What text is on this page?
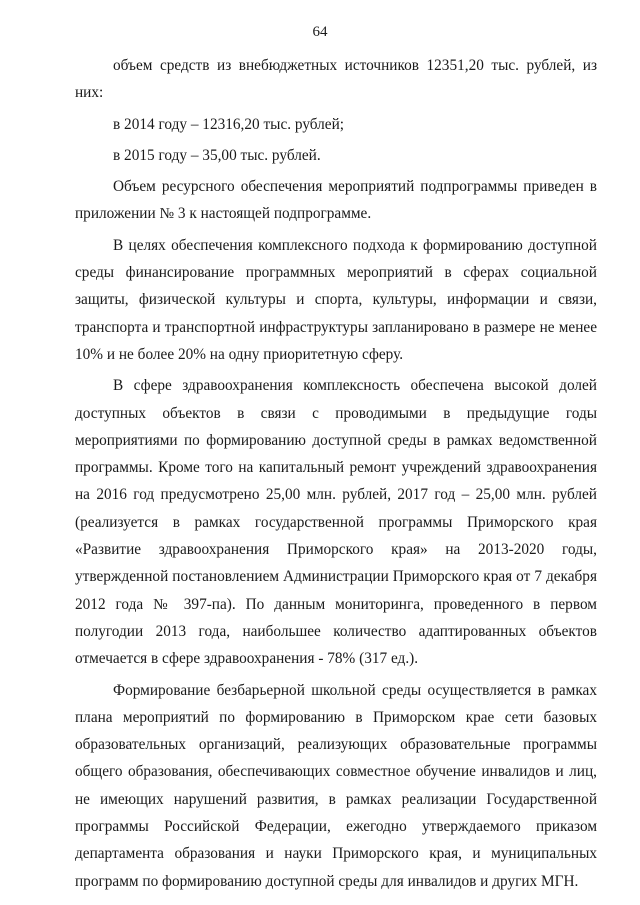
64

объем средств из внебюджетных источников 12351,20 тыс. рублей, из них:

в 2014 году – 12316,20 тыс. рублей;

в 2015 году – 35,00 тыс. рублей.

Объем ресурсного обеспечения мероприятий подпрограммы приведен в приложении № 3 к настоящей подпрограмме.

В целях обеспечения комплексного подхода к формированию доступной среды финансирование программных мероприятий в сферах социальной защиты, физической культуры и спорта, культуры, информации и связи, транспорта и транспортной инфраструктуры запланировано в размере не менее 10% и не более 20% на одну приоритетную сферу.

В сфере здравоохранения комплексность обеспечена высокой долей доступных объектов в связи с проводимыми в предыдущие годы мероприятиями по формированию доступной среды в рамках ведомственной программы. Кроме того на капитальный ремонт учреждений здравоохранения на 2016 год предусмотрено 25,00 млн. рублей, 2017 год – 25,00 млн. рублей (реализуется в рамках государственной программы Приморского края «Развитие здравоохранения Приморского края» на 2013-2020 годы, утвержденной постановлением Администрации Приморского края от 7 декабря 2012 года № 397-па). По данным мониторинга, проведенного в первом полугодии 2013 года, наибольшее количество адаптированных объектов отмечается в сфере здравоохранения - 78% (317 ед.).

Формирование безбарьерной школьной среды осуществляется в рамках плана мероприятий по формированию в Приморском крае сети базовых образовательных организаций, реализующих образовательные программы общего образования, обеспечивающих совместное обучение инвалидов и лиц, не имеющих нарушений развития, в рамках реализации Государственной программы Российской Федерации, ежегодно утверждаемого приказом департамента образования и науки Приморского края, и муниципальных программ по формированию доступной среды для инвалидов и других МГН.
